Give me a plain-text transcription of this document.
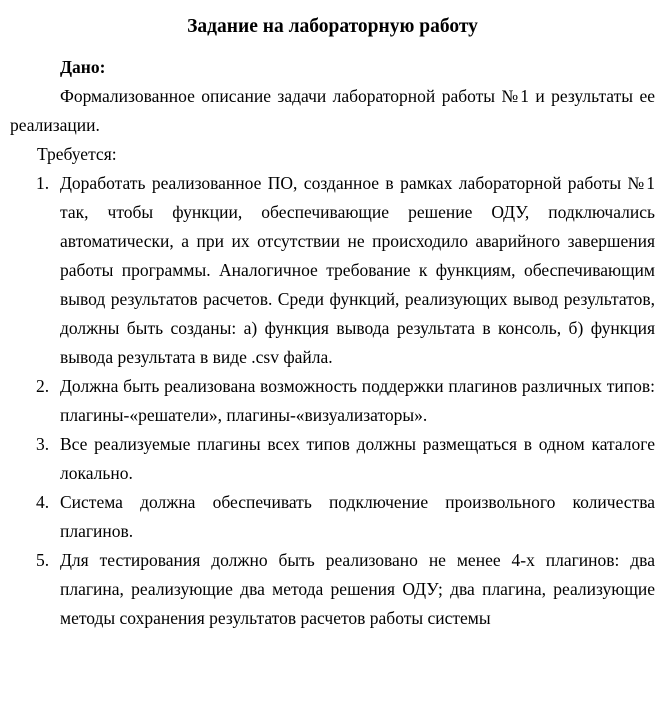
Задание на лабораторную работу

Дано:

Формализованное описание задачи лабораторной работы №1 и результаты ее реализации.

Требуется:

1. Доработать реализованное ПО, созданное в рамках лабораторной работы №1 так, чтобы функции, обеспечивающие решение ОДУ, подключались автоматически, а при их отсутствии не происходило аварийного завершения работы программы. Аналогичное требование к функциям, обеспечивающим вывод результатов расчетов. Среди функций, реализующих вывод результатов, должны быть созданы: а) функция вывода результата в консоль, б) функция вывода результата в виде .csv файла.
2. Должна быть реализована возможность поддержки плагинов различных типов: плагины-«решатели», плагины-«визуализаторы».
3. Все реализуемые плагины всех типов должны размещаться в одном каталоге локально.
4. Система должна обеспечивать подключение произвольного количества плагинов.
5. Для тестирования должно быть реализовано не менее 4-х плагинов: два плагина, реализующие два метода решения ОДУ; два плагина, реализующие методы сохранения результатов расчетов работы системы
